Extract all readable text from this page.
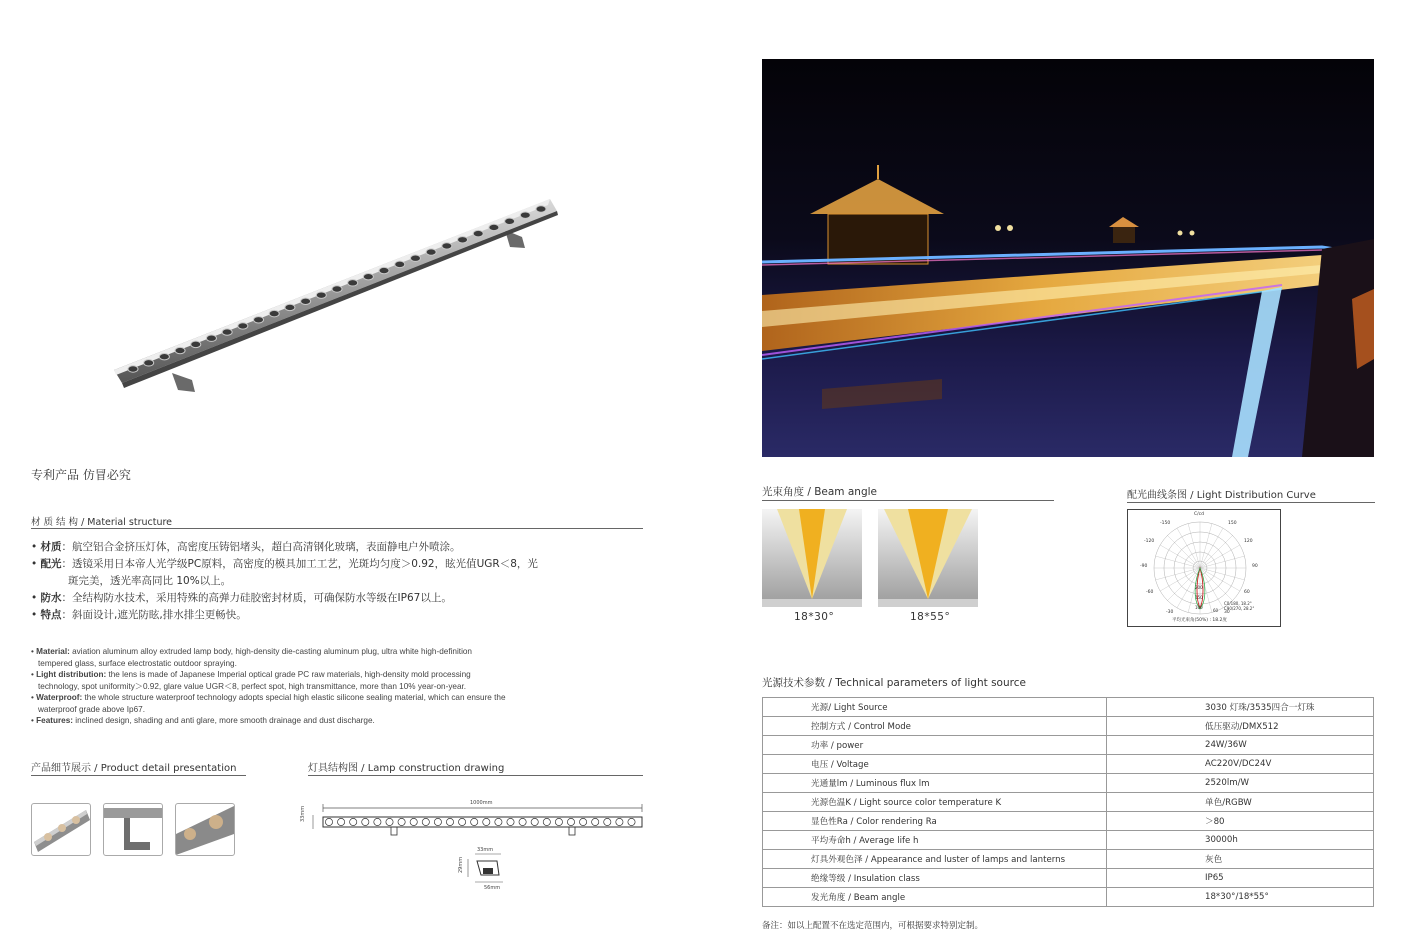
专利产品 仿冒必究
材 质 结 构 / Material structure
• 材质：航空铝合金挤压灯体，高密度压铸铝堵头，超白高清钢化玻璃，表面静电户外喷涂。
• 配光：透镜采用日本帝人光学级PC原料，高密度的模具加工工艺，光斑均匀度＞0.92，眩光值UGR＜8，光
斑完美，透光率高同比 10%以上。
• 防水：全结构防水技术，采用特殊的高弹力硅胶密封材质，可确保防水等级在IP67以上。
• 特点：斜面设计,遮光防眩,排水排尘更畅快。
• Material: aviation aluminum alloy extruded lamp body, high-density die-casting aluminum plug, ultra white high-definition
tempered glass, surface electrostatic outdoor spraying.
• Light distribution: the lens is made of Japanese Imperial optical grade PC raw materials, high-density mold processing
technology, spot uniformity＞0.92, glare value UGR＜8, perfect spot, high transmittance, more than 10% year-on-year.
• Waterproof: the whole structure waterproof technology adopts special high elastic silicone sealing material, which can ensure the
waterproof grade above Ip67.
• Features: inclined design, shading and anti glare, more smooth drainage and dust discharge.
产品细节展示 / Product detail presentation	灯具结构图 / Lamp construction drawing
1000mm
33mm
33mm
29mm
56mm
光束角度 / Beam angle
18*30°	18*55°
配光曲线条图 / Light Distribution Curve
C/cd
-150
-120
-90
-60
-30
150
120
90
60
30
200
150
100
60
C0/180, 18.2°
C90/270, 28.2°
平均光束角(50%) : 18.2度
光源技术参数 / Technical parameters of light source
光源/ Light Source	3030 灯珠/3535四合一灯珠
控制方式 / Control Mode	低压驱动/DMX512
功率 / power	24W/36W
电压 / Voltage	AC220V/DC24V
光通量lm / Luminous flux lm	2520lm/W
光源色温K / Light source color temperature K	单色/RGBW
显色性Ra / Color rendering Ra	＞80
平均寿命h / Average life h	30000h
灯具外观色泽 / Appearance and luster of lamps and lanterns	灰色
绝缘等级 / Insulation class	IP65
发光角度 / Beam angle	18*30°/18*55°
备注：如以上配置不在选定范围内，可根据要求特别定制。
